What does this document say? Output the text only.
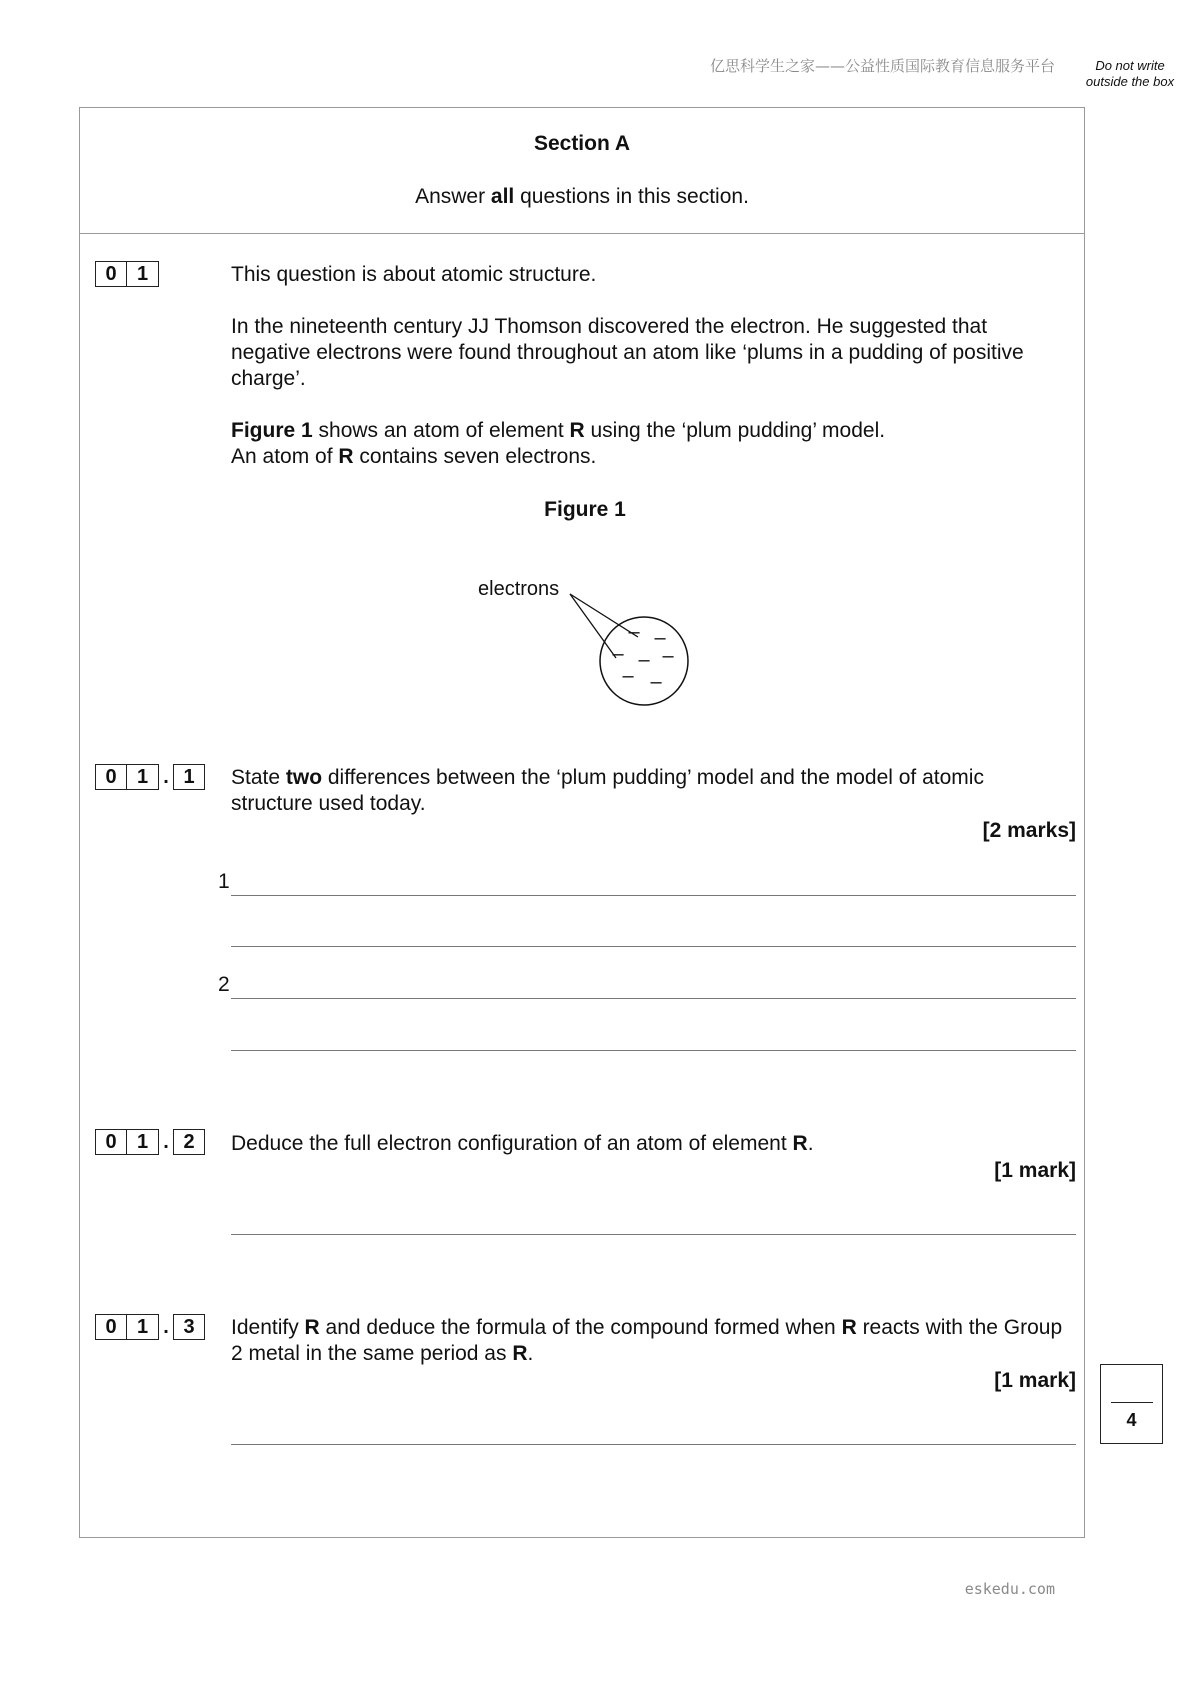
亿思科学生之家——公益性质国际教育信息服务平台	Do not write outside the box
Section A
Answer all questions in this section.
0	1	This question is about atomic structure.
In the nineteenth century JJ Thomson discovered the electron. He suggested that negative electrons were found throughout an atom like ‘plums in a pudding of positive charge’.
Figure 1 shows an atom of element R using the ‘plum pudding’ model.
An atom of R contains seven electrons.
Figure 1
electrons
– –
– – –
– –
0	1 . 1	State two differences between the ‘plum pudding’ model and the model of atomic structure used today.
[2 marks]
1
2
0	1 . 2	Deduce the full electron configuration of an atom of element R.
[1 mark]
0	1 . 3	Identify R and deduce the formula of the compound formed when R reacts with the Group 2 metal in the same period as R.
[1 mark]
4
eskedu.com
